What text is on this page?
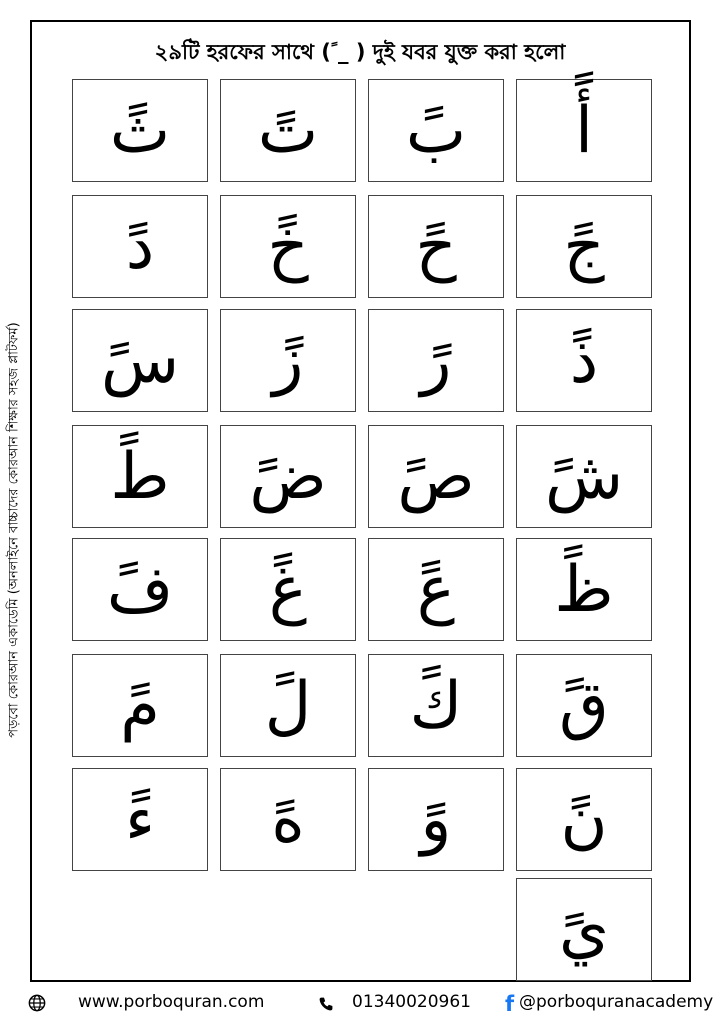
২৯টি হরফের সাথে ( ً_ ) দুই যবর যুক্ত করা হলো
পড়বো কোরআন একাডেমি (অনলাইনে বাচ্চাদের কোরআন শিক্ষার সহজ প্লাটফর্ম)
أً
بً
تً
ثً
جً
حً
خً
دً
ذً
رً
زً
سً
شً
صً
ضً
طً
ظً
عً
غً
فً
قً
كً
لً
مً
نً
وً
هً
ءً
يً
www.porboquran.com	01340020961 f @porboquranacademy
